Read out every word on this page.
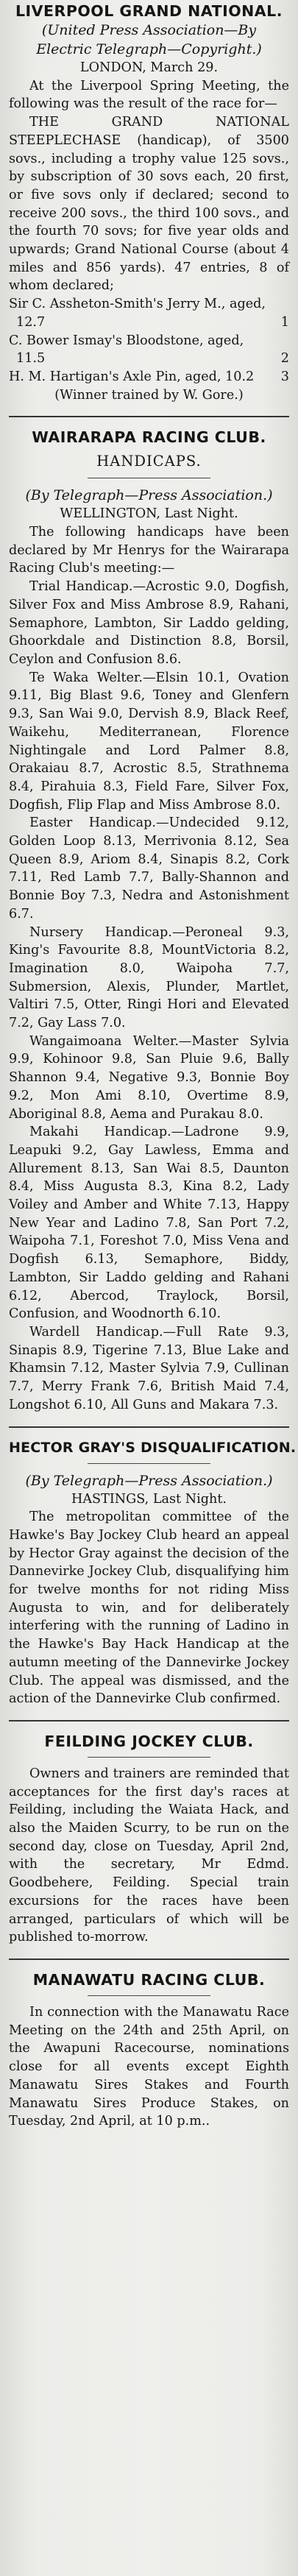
LIVERPOOL GRAND NATIONAL.
(United Press Association—By Electric Telegraph—Copyright.)

LONDON, March 29.

At the Liverpool Spring Meeting, the following was the result of the race for—

THE GRAND NATIONAL STEEPLECHASE (handicap), of 3500 sovs., including a trophy value 125 sovs., by subscription of 30 sovs each, 20 first, or five sovs only if declared; second to receive 200 sovs., the third 100 sovs., and the fourth 70 sovs; for five year olds and upwards; Grand National Course (about 4 miles and 856 yards). 47 entries, 8 of whom declared;

Sir C. Assheton-Smith's Jerry M., aged, 12.7	1
C. Bower Ismay's Bloodstone, aged, 11.5	2
H. M. Hartigan's Axle Pin, aged, 10.2	3
(Winner trained by W. Gore.)
WAIRARAPA RACING CLUB.
HANDICAPS.
(By Telegraph—Press Association.)

WELLINGTON, Last Night.

The following handicaps have been declared by Mr Henrys for the Wairarapa Racing Club's meeting:—

Trial Handicap.—Acrostic 9.0, Dogfish, Silver Fox and Miss Ambrose 8.9, Rahani, Semaphore, Lambton, Sir Laddo gelding, Ghoorkdale and Distinction 8.8, Borsil, Ceylon and Confusion 8.6.

Te Waka Welter.—Elsin 10.1, Ovation 9.11, Big Blast 9.6, Toney and Glenfern 9.3, San Wai 9.0, Dervish 8.9, Black Reef, Waikehu, Mediterranean, Florence Nightingale and Lord Palmer 8.8, Orakaiau 8.7, Acrostic 8.5, Strathnema 8.4, Pirahuia 8.3, Field Fare, Silver Fox, Dogfish, Flip Flap and Miss Ambrose 8.0.

Easter Handicap.—Undecided 9.12, Golden Loop 8.13, Merrivonia 8.12, Sea Queen 8.9, Ariom 8.4, Sinapis 8.2, Cork 7.11, Red Lamb 7.7, Bally-Shannon and Bonnie Boy 7.3, Nedra and Astonishment 6.7.

Nursery Handicap.—Peroneal 9.3, King's Favourite 8.8, MountVictoria 8.2, Imagination 8.0, Waipoha 7.7, Submersion, Alexis, Plunder, Martlet, Valtiri 7.5, Otter, Ringi Hori and Elevated 7.2, Gay Lass 7.0.

Wangaimoana Welter.—Master Sylvia 9.9, Kohinoor 9.8, San Pluie 9.6, Bally Shannon 9.4, Negative 9.3, Bonnie Boy 9.2, Mon Ami 8.10, Overtime 8.9, Aboriginal 8.8, Aema and Purakau 8.0.

Makahi Handicap.—Ladrone 9.9, Leapuki 9.2, Gay Lawless, Emma and Allurement 8.13, San Wai 8.5, Daunton 8.4, Miss Augusta 8.3, Kina 8.2, Lady Voiley and Amber and White 7.13, Happy New Year and Ladino 7.8, San Port 7.2, Waipoha 7.1, Foreshot 7.0, Miss Vena and Dogfish 6.13, Semaphore, Biddy, Lambton, Sir Laddo gelding and Rahani 6.12, Abercod, Traylock, Borsil, Confusion, and Woodnorth 6.10.

Wardell Handicap.—Full Rate 9.3, Sinapis 8.9, Tigerine 7.13, Blue Lake and Khamsin 7.12, Master Sylvia 7.9, Cullinan 7.7, Merry Frank 7.6, British Maid 7.4, Longshot 6.10, All Guns and Makara 7.3.

HECTOR GRAY'S DISQUALIFICATION.
(By Telegraph—Press Association.)

HASTINGS, Last Night.

The metropolitan committee of the Hawke's Bay Jockey Club heard an appeal by Hector Gray against the decision of the Dannevirke Jockey Club, disqualifying him for twelve months for not riding Miss Augusta to win, and for deliberately interfering with the running of Ladino in the Hawke's Bay Hack Handicap at the autumn meeting of the Dannevirke Jockey Club. The appeal was dismissed, and the action of the Dannevirke Club confirmed.

FEILDING JOCKEY CLUB.

Owners and trainers are reminded that acceptances for the first day's races at Feilding, including the Waiata Hack, and also the Maiden Scurry, to be run on the second day, close on Tuesday, April 2nd, with the secretary, Mr Edmd. Goodbehere, Feilding. Special train excursions for the races have been arranged, particulars of which will be published to-morrow.

MANAWATU RACING CLUB.

In connection with the Manawatu Race Meeting on the 24th and 25th April, on the Awapuni Racecourse, nominations close for all events except Eighth Manawatu Sires Stakes and Fourth Manawatu Sires Produce Stakes, on Tuesday, 2nd April, at 10 p.m..
